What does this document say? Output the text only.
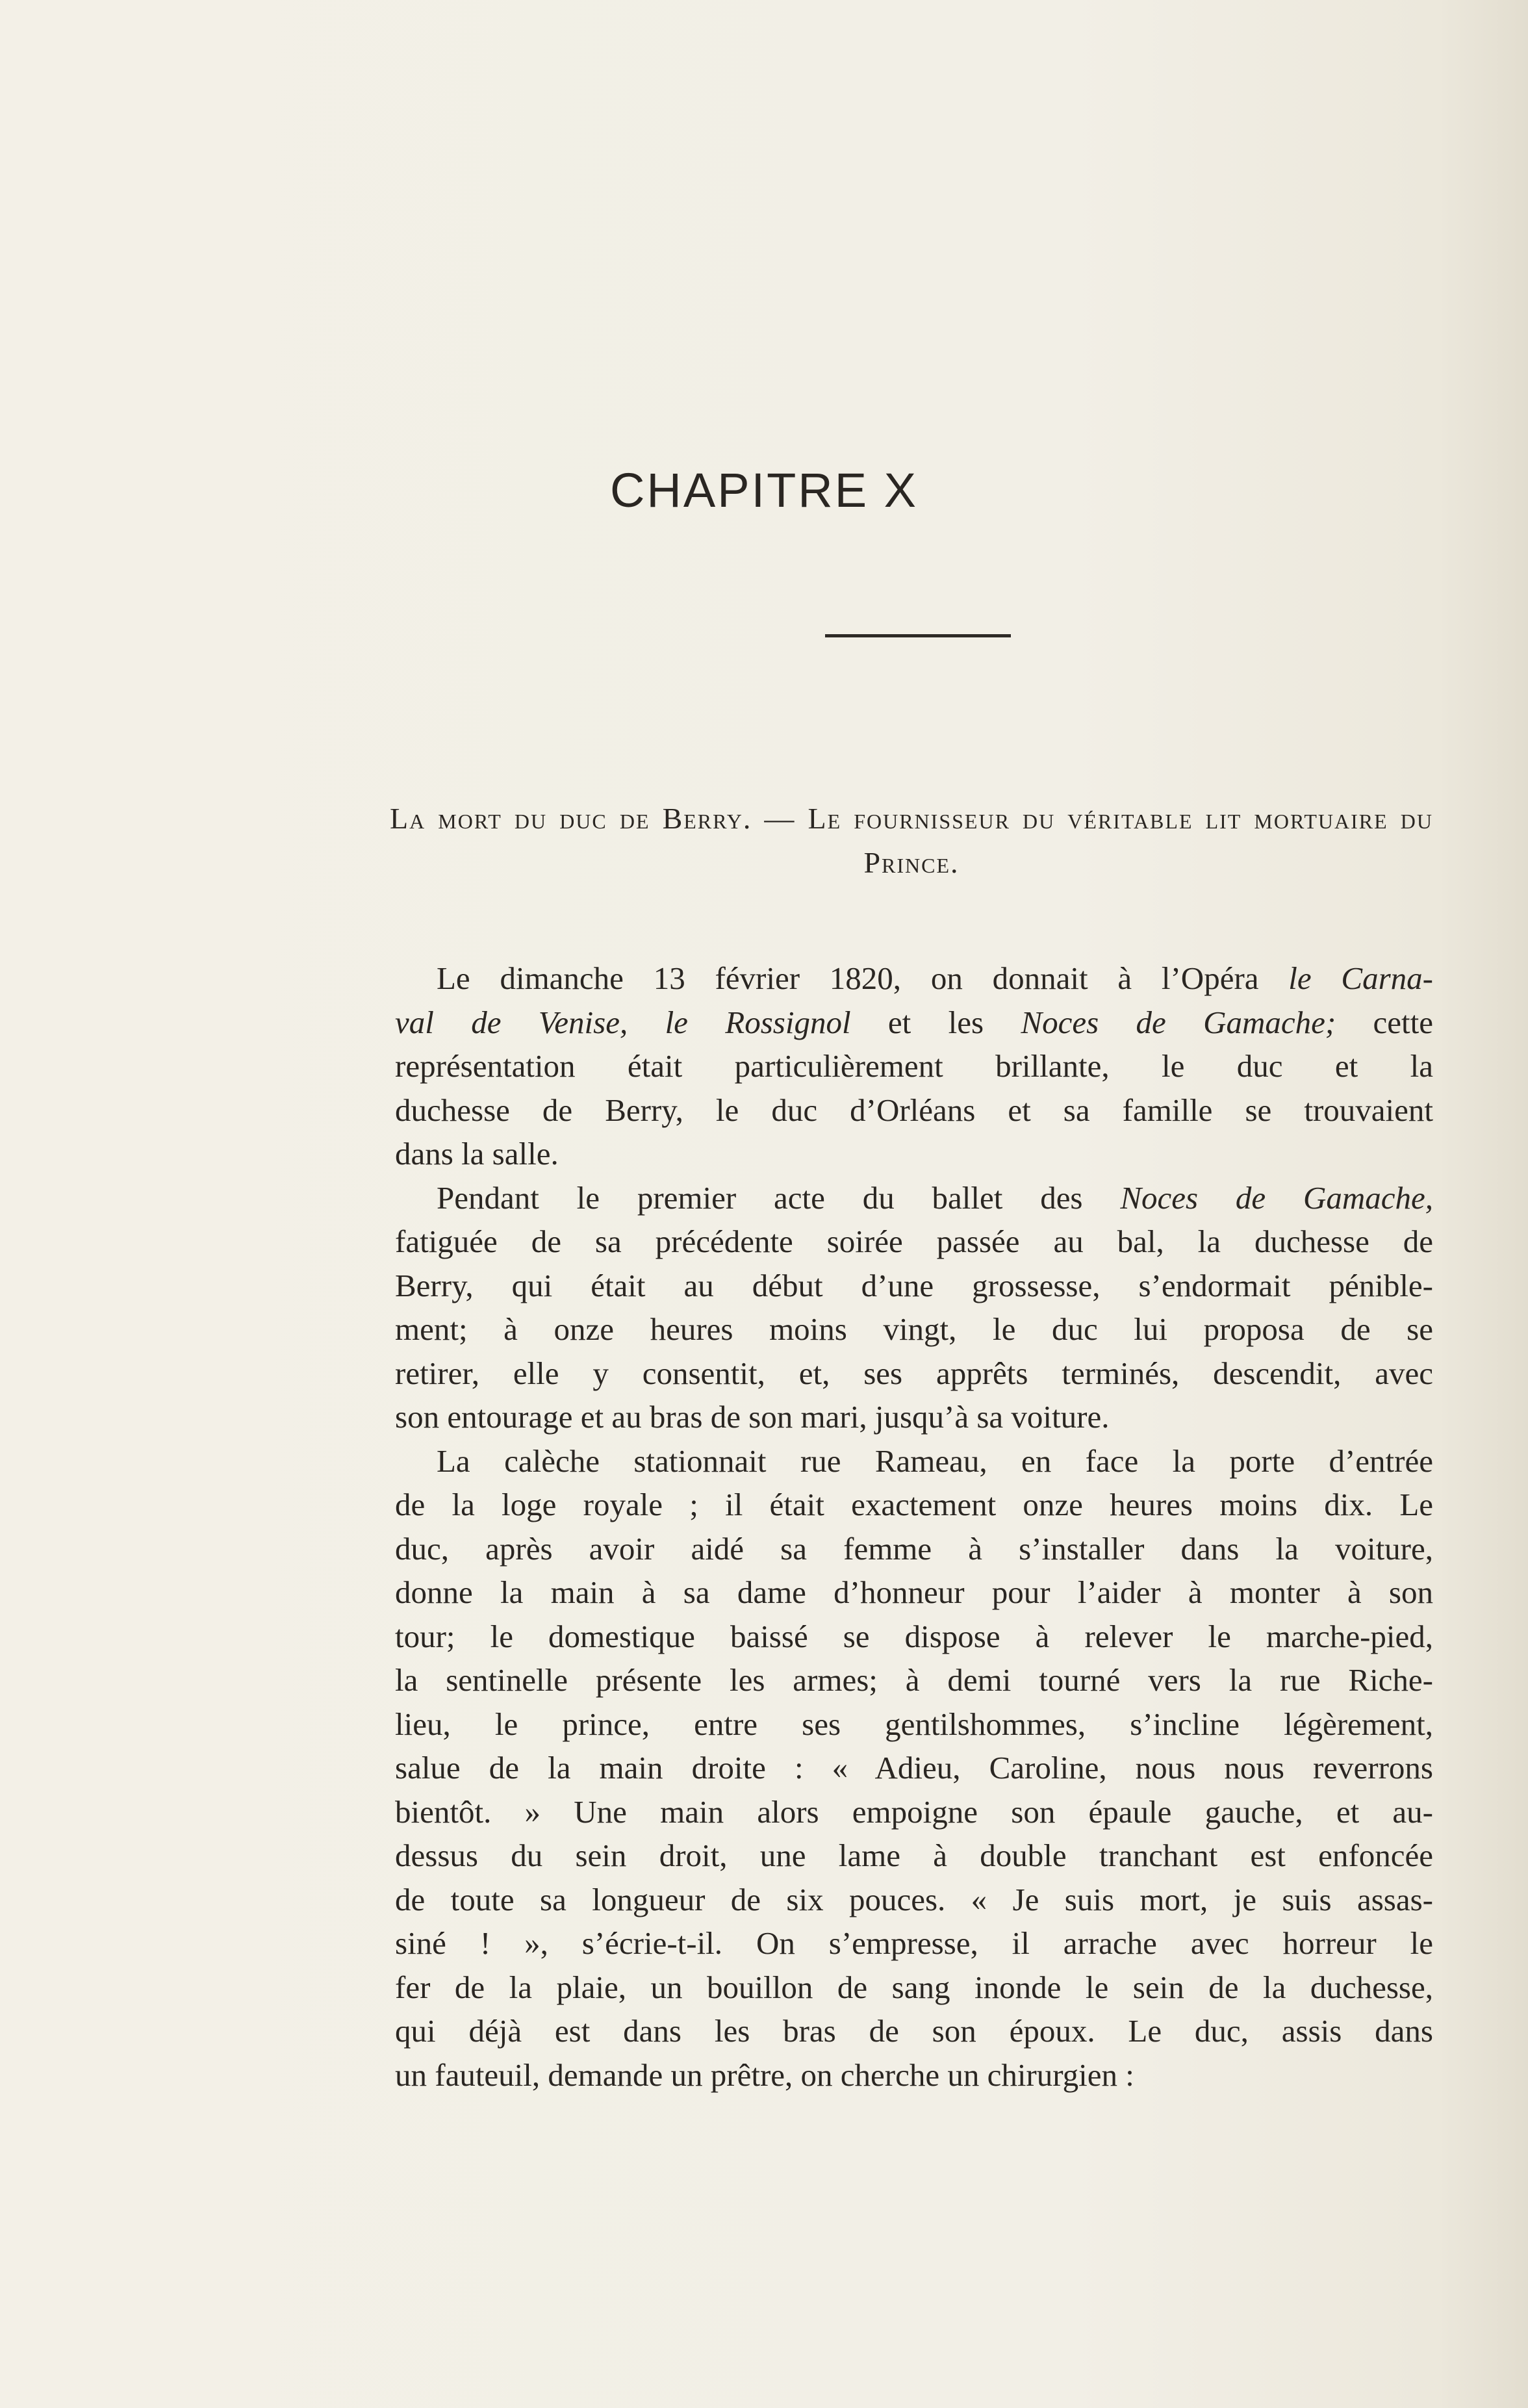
CHAPITRE X
La mort du duc de Berry. — Le fournisseur du véritable lit mortuaire du Prince.
Le dimanche 13 février 1820, on donnait à l’Opéra le Carna-
val de Venise, le Rossignol et les Noces de Gamache; cette
représentation était particulièrement brillante, le duc et la
duchesse de Berry, le duc d’Orléans et sa famille se trouvaient
dans la salle.
Pendant le premier acte du ballet des Noces de Gamache,
fatiguée de sa précédente soirée passée au bal, la duchesse de
Berry, qui était au début d’une grossesse, s’endormait pénible-
ment; à onze heures moins vingt, le duc lui proposa de se
retirer, elle y consentit, et, ses apprêts terminés, descendit, avec
son entourage et au bras de son mari, jusqu’à sa voiture.
La calèche stationnait rue Rameau, en face la porte d’entrée
de la loge royale ; il était exactement onze heures moins dix. Le
duc, après avoir aidé sa femme à s’installer dans la voiture,
donne la main à sa dame d’honneur pour l’aider à monter à son
tour; le domestique baissé se dispose à relever le marche-pied,
la sentinelle présente les armes; à demi tourné vers la rue Riche-
lieu, le prince, entre ses gentilshommes, s’incline légèrement,
salue de la main droite : « Adieu, Caroline, nous nous reverrons
bientôt. » Une main alors empoigne son épaule gauche, et au-
dessus du sein droit, une lame à double tranchant est enfoncée
de toute sa longueur de six pouces. « Je suis mort, je suis assas-
siné ! », s’écrie-t-il. On s’empresse, il arrache avec horreur le
fer de la plaie, un bouillon de sang inonde le sein de la duchesse,
qui déjà est dans les bras de son époux. Le duc, assis dans
un fauteuil, demande un prêtre, on cherche un chirurgien :
